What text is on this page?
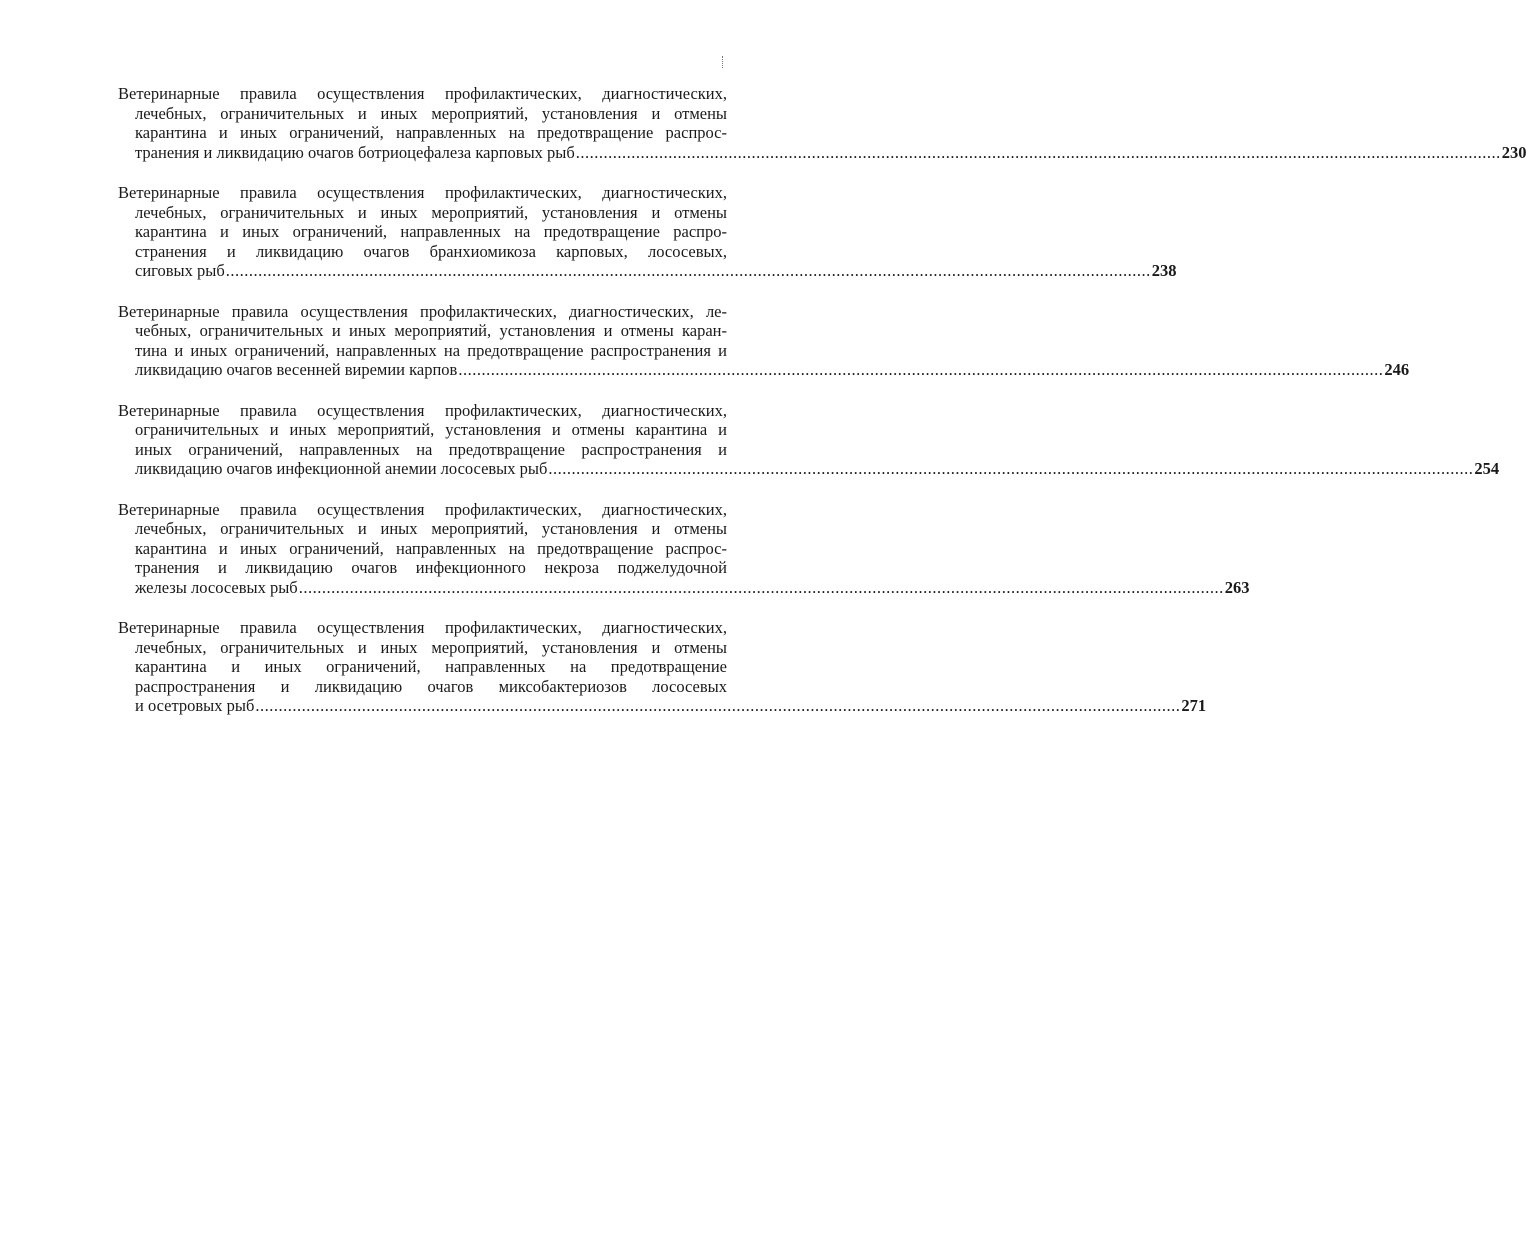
Ветеринарные правила осуществления профилактических, диагностических,
лечебных, ограничительных и иных мероприятий, установления и отмены
карантина и иных ограничений, направленных на предотвращение распрос-
транения и ликвидацию очагов ботриоцефалеза карповых рыб ........................................................................................................................................................................................................ 230
Ветеринарные правила осуществления профилактических, диагностических,
лечебных, ограничительных и иных мероприятий, установления и отмены
карантина и иных ограничений, направленных на предотвращение распро-
странения и ликвидацию очагов бранхиомикоза карповых, лососевых,
сиговых рыб ........................................................................................................................................................................................................ 238
Ветеринарные правила осуществления профилактических, диагностических, ле-
чебных, ограничительных и иных мероприятий, установления и отмены каран-
тина и иных ограничений, направленных на предотвращение распространения и
ликвидацию очагов весенней виремии карпов ........................................................................................................................................................................................................ 246
Ветеринарные правила осуществления профилактических, диагностических,
ограничительных и иных мероприятий, установления и отмены карантина и
иных ограничений, направленных на предотвращение распространения и
ликвидацию очагов инфекционной анемии лососевых рыб ........................................................................................................................................................................................................ 254
Ветеринарные правила осуществления профилактических, диагностических,
лечебных, ограничительных и иных мероприятий, установления и отмены
карантина и иных ограничений, направленных на предотвращение распрос-
транения и ликвидацию очагов инфекционного некроза поджелудочной
железы лососевых рыб ........................................................................................................................................................................................................ 263
Ветеринарные правила осуществления профилактических, диагностических,
лечебных, ограничительных и иных мероприятий, установления и отмены
карантина и иных ограничений, направленных на предотвращение
распространения и ликвидацию очагов миксобактериозов лососевых
и осетровых рыб ........................................................................................................................................................................................................ 271
